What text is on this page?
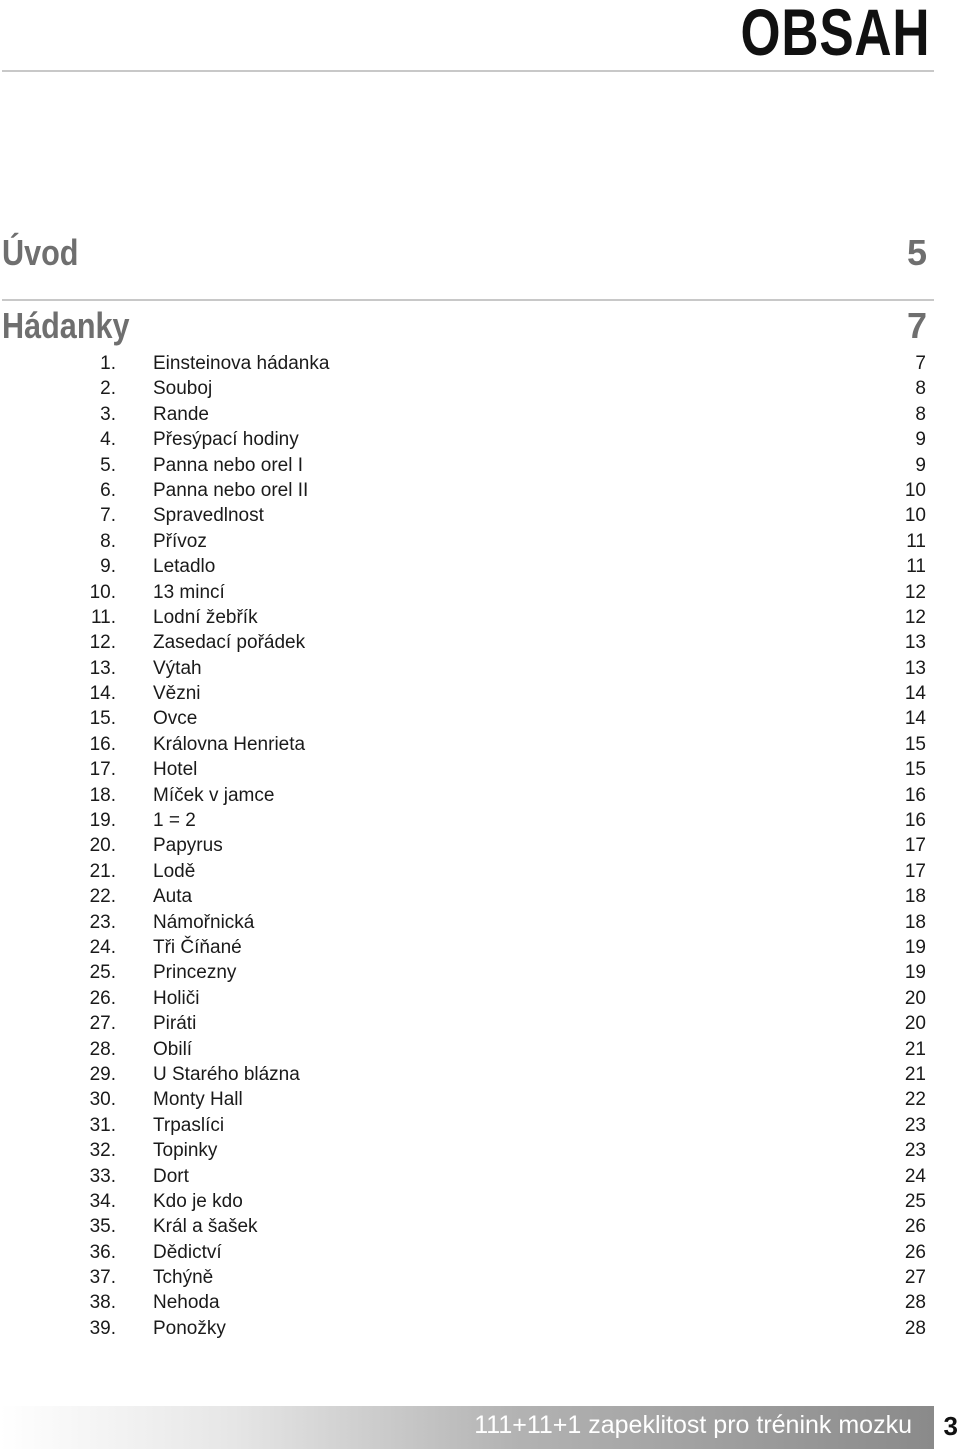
OBSAH
Úvod	5
Hádanky	7
1. Einsteinova hádanka	7
2. Souboj	8
3. Rande	8
4. Přesýpací hodiny	9
5. Panna nebo orel I	9
6. Panna nebo orel II	10
7. Spravedlnost	10
8. Přívoz	11
9. Letadlo	11
10. 13 mincí	12
11. Lodní žebřík	12
12. Zasedací pořádek	13
13. Výtah	13
14. Vězni	14
15. Ovce	14
16. Královna Henrieta	15
17. Hotel	15
18. Míček v jamce	16
19. 1 = 2	16
20. Papyrus	17
21. Lodě	17
22. Auta	18
23. Námořnická	18
24. Tři Číňané	19
25. Princezny	19
26. Holiči	20
27. Piráti	20
28. Obilí	21
29. U Starého blázna	21
30. Monty Hall	22
31. Trpaslíci	23
32. Topinky	23
33. Dort	24
34. Kdo je kdo	25
35. Král a šašek	26
36. Dědictví	26
37. Tchýně	27
38. Nehoda	28
39. Ponožky	28
111+11+1 zapeklitost pro trénink mozku 3
